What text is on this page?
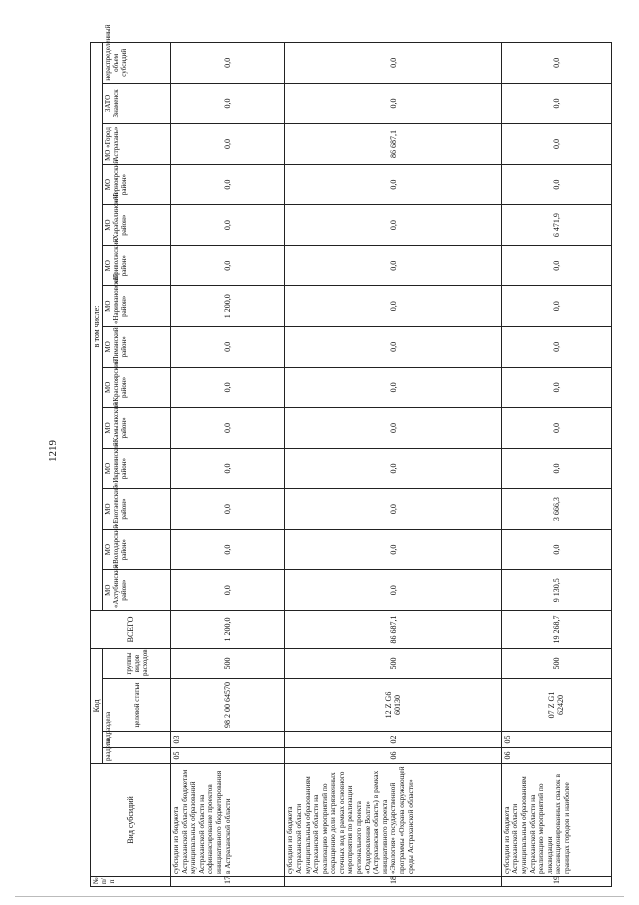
1219
№ п/п	Вид субсидий	Код				ВСЕГО	в том числе:													
		раздела	подраздела	целевой статьи	группы видов расходов		МО «Ахтубинский район»	МО «Володарский район»	МО «Енотаевский район»	МО «Икрянинский район»	МО «Камызякский район»	МО «Красноярский район»	МО «Лиманский район»	МО «Наримановский район»	МО «Приволжский район»	МО «Харабалинский район»	МО «Черноярский район»	МО «Город Астрахань»	ЗАТО Знаменск	нераспределенный объем субсидий

17	субсидии из бюджета Астраханской области бюджетам муниципальных образований Астраханской области на софинансирование проектов инициативного бюджетирования в Астраханской области	05	03	98 2 00 64570	500	1 200,0	0,0	0,0	0,0	0,0	0,0	0,0	0,0	1 200,0	0,0	0,0	0,0	0,0	0,0	0,0
18	субсидии из бюджета Астраханской области муниципальным образованиям Астраханской области на реализацию мероприятий по сокращению доли загрязненных сточных вод в рамках основного мероприятия по реализации регионального проекта «Оздоровление Волги» (Астраханская область) в рамках инициативного проекта «Экология» государственной программы «Охрана окружающей среды Астраханской области»	06	02	12 Z G6 60130	500	86 687,1	0,0	0,0	0,0	0,0	0,0	0,0	0,0	0,0	0,0	0,0	0,0	86 687,1	0,0	0,0
19	субсидии из бюджета Астраханской области муниципальным образованиям Астраханской области на реализацию мероприятий по ликвидации несанкционированных свалок в границах городов и наиболее	06	05	07 Z G1 62420	500	19 268,7	9 130,5	0,0	3 666,3	0,0	0,0	0,0	0,0	0,0	0,0	6 471,9	0,0	0,0	0,0	0,0
